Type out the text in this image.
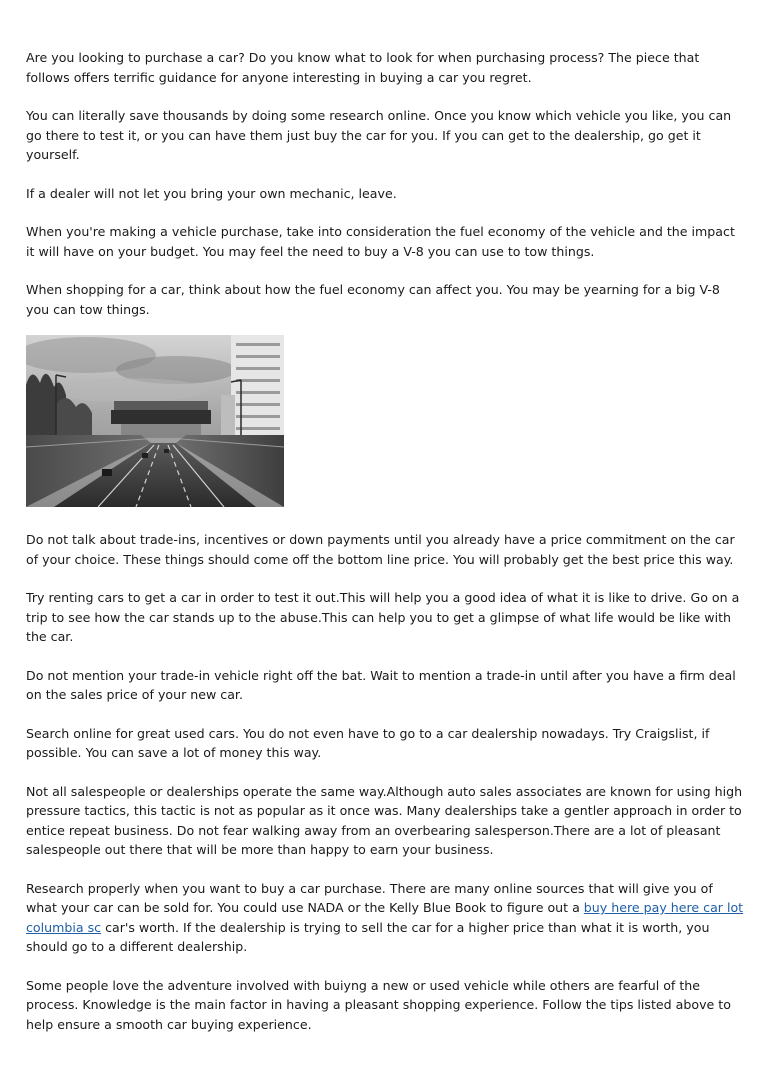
Are you looking to purchase a car? Do you know what to look for when purchasing process? The piece that follows offers terrific guidance for anyone interesting in buying a car you regret.

You can literally save thousands by doing some research online. Once you know which vehicle you like, you can go there to test it, or you can have them just buy the car for you. If you can get to the dealership, go get it yourself.

If a dealer will not let you bring your own mechanic, leave.

When you're making a vehicle purchase, take into consideration the fuel economy of the vehicle and the impact it will have on your budget. You may feel the need to buy a V-8 you can use to tow things.

When shopping for a car, think about how the fuel economy can affect you. You may be yearning for a big V-8 you can tow things.

Do not talk about trade-ins, incentives or down payments until you already have a price commitment on the car of your choice. These things should come off the bottom line price. You will probably get the best price this way.

Try renting cars to get a car in order to test it out.This will help you a good idea of what it is like to drive. Go on a trip to see how the car stands up to the abuse.This can help you to get a glimpse of what life would be like with the car.

Do not mention your trade-in vehicle right off the bat. Wait to mention a trade-in until after you have a firm deal on the sales price of your new car.

Search online for great used cars. You do not even have to go to a car dealership nowadays. Try Craigslist, if possible. You can save a lot of money this way.

Not all salespeople or dealerships operate the same way.Although auto sales associates are known for using high pressure tactics, this tactic is not as popular as it once was. Many dealerships take a gentler approach in order to entice repeat business. Do not fear walking away from an overbearing salesperson.There are a lot of pleasant salespeople out there that will be more than happy to earn your business.

Research properly when you want to buy a car purchase. There are many online sources that will give you of what your car can be sold for. You could use NADA or the Kelly Blue Book to figure out a buy here pay here car lot columbia sc car's worth. If the dealership is trying to sell the car for a higher price than what it is worth, you should go to a different dealership.

Some people love the adventure involved with buiyng a new or used vehicle while others are fearful of the process. Knowledge is the main factor in having a pleasant shopping experience. Follow the tips listed above to help ensure a smooth car buying experience.
